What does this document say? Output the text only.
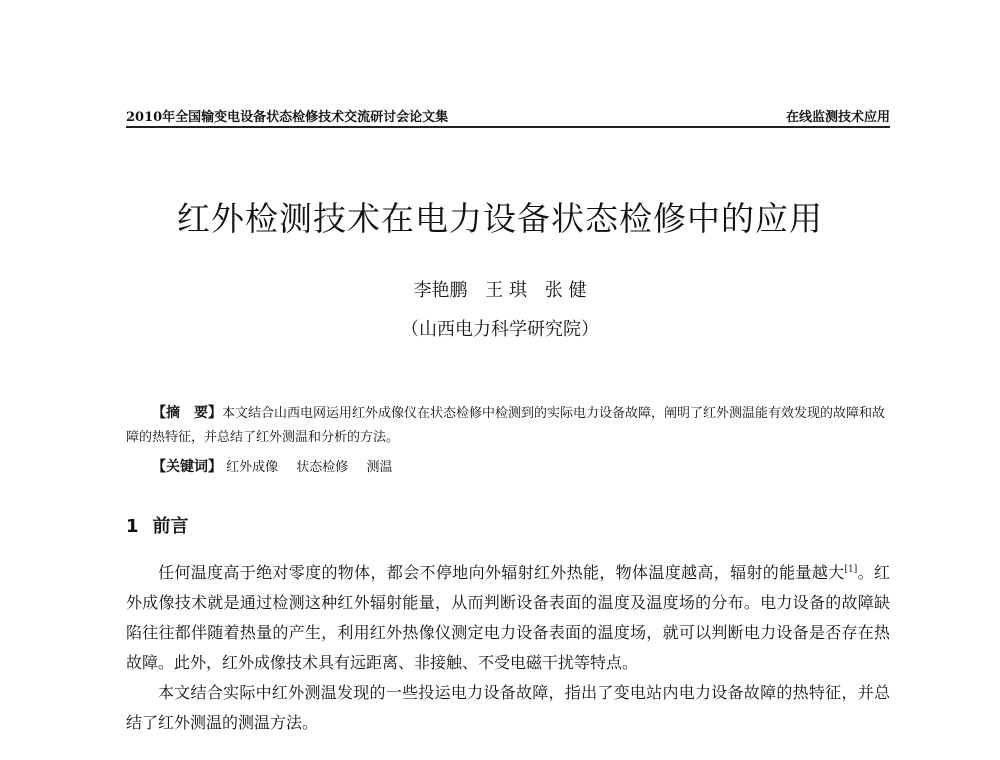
2010年全国输变电设备状态检修技术交流研讨会论文集	在线监测技术应用
红外检测技术在电力设备状态检修中的应用
李艳鹏 王 琪 张 健
（山西电力科学研究院）
【摘　要】本文结合山西电网运用红外成像仪在状态检修中检测到的实际电力设备故障，阐明了红外测温能有效发现的故障和故障的热特征，并总结了红外测温和分析的方法。
【关键词】 红外成像 状态检修 测温
1 前言

任何温度高于绝对零度的物体，都会不停地向外辐射红外热能，物体温度越高，辐射的能量越大[1]。红外成像技术就是通过检测这种红外辐射能量，从而判断设备表面的温度及温度场的分布。电力设备的故障缺陷往往都伴随着热量的产生，利用红外热像仪测定电力设备表面的温度场，就可以判断电力设备是否存在热故障。此外，红外成像技术具有远距离、非接触、不受电磁干扰等特点。

本文结合实际中红外测温发现的一些投运电力设备故障，指出了变电站内电力设备故障的热特征，并总结了红外测温的测温方法。
